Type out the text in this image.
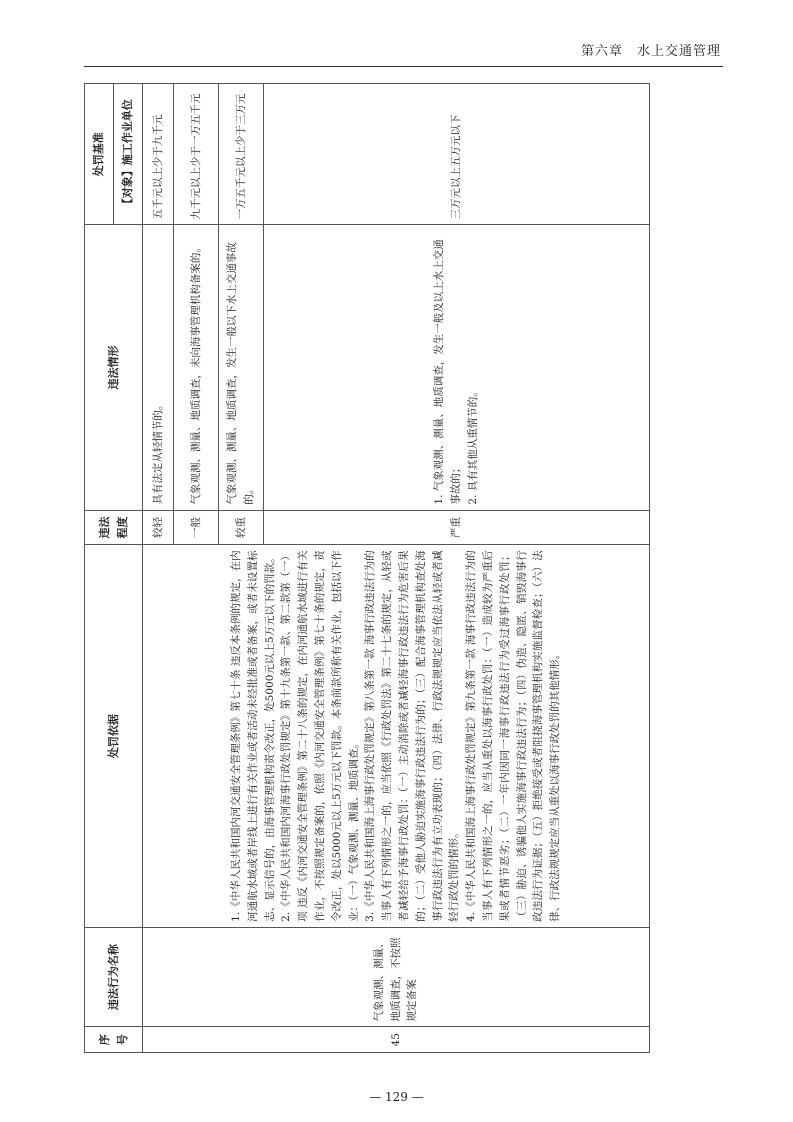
第六章　水上交通管理
序号	违法行为名称	处罚依据	违法程度	违法情形	处罚基准
					【对象】施工作业单位
45	气象观测、测量、地质调查，不按照规定备案	1.《中华人民共和国内河交通安全管理条例》第七十条 违反本条例的规定，在内河通航水域或者岸线上进行有关作业或者活动未经批准或者备案，或者未设置标志、显示信号的，由海事管理机构责令改正，处5000元以上5万元以下的罚款。 2.《中华人民共和国内河海事行政处罚规定》第十九条第一款、第二款第（一）项 违反《内河交通安全管理条例》第二十八条的规定，在内河通航水域进行有关作业，不按照规定备案的，依照《内河交通安全管理条例》第七十条的规定，责令改正，处以5000元以上5万元以下罚款。本条前款所称有关作业，包括以下作业：（一）气象观测、测量、地质调查。 3.《中华人民共和国海上海事行政处罚规定》第八条第一款 海事行政违法行为的当事人有下列情形之一的，应当依照《行政处罚法》第二十七条的规定，从轻或者减轻给予海事行政处罚：（一）主动消除或者减轻海事行政违法行为危害后果的；（二）受他人胁迫实施海事行政违法行为的；（三）配合海事管理机构查处海事行政违法行为有立功表现的；（四）法律、行政法规规定应当依法从轻或者减轻行政处罚的情形。 4.《中华人民共和国海上海事行政处罚规定》第九条第一款 海事行政违法行为的当事人有下列情形之一的，应当从重处以海事行政处罚：（一）造成较为严重后果或者情节恶劣；（二）一年内因同一海事行政违法行为受过海事行政处罚；（三）胁迫、诱骗他人实施海事行政违法行为；（四）伪造、隐匿、销毁海事行政违法行为证据；（五）拒绝接受或者阻挠海事管理机构实施监督检查；（六）法律、行政法规规定应当从重处以海事行政处罚的其他情形。	较轻	具有法定从轻情节的。	五千元以上少于九千元
			一般	气象观测、测量、地质调查，未向海事管理机构备案的。	九千元以上少于一万五千元
			较重	气象观测、测量、地质调查，发生一般以下水上交通事故的。	一万五千元以上少于三万元
			严重	1. 气象观测、测量、地质调查，发生一般及以上水上交通事故的； 2. 具有其他从重情节的。	三万元以上五万元以下
— 129 —
